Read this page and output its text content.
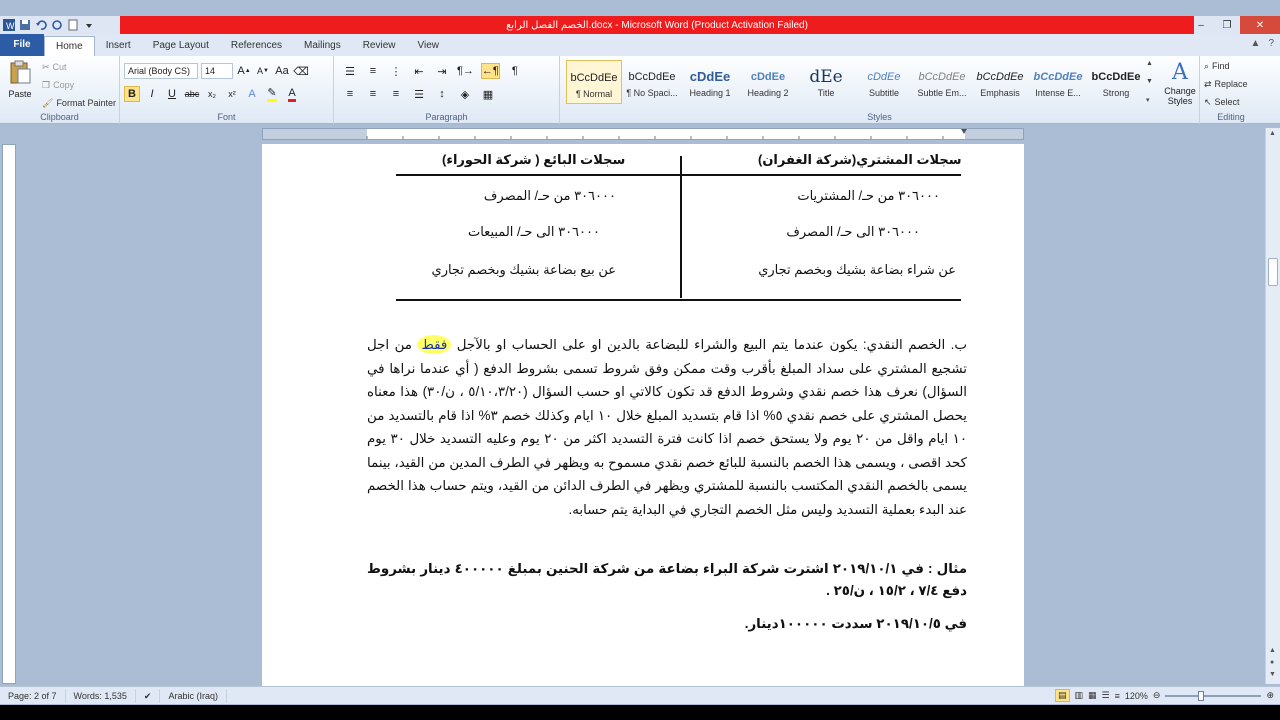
W	الخصم الفصل الرابع.docx - Microsoft Word (Product Activation Failed)	–	❐	✕
File	Home	Insert	Page Layout	References	Mailings	Review	View	▲ ?
Paste
✂ Cut
❐ Copy
🖌 Format Painter
Clipboard
Arial (Body CS)	14	A ▲ A ▼ Aa ⌫
B	I	U abc x₂	x²	A	✎ A
Font
☰	≡	⋮	⇤	⇥ ¶→ ←¶	¶
≡	≡	≡	☰	↕	◈	▦
Paragraph
bCcDdEe
¶ Normal
bCcDdEe
¶ No Spaci...
cDdEe
Heading 1
cDdEe
Heading 2
dEe
Title
cDdEe
Subtitle
bCcDdEe
Subtle Em...
bCcDdEe
Emphasis
bCcDdEe
Intense E...
bCcDdEe
Strong
▲
▼
▾
A
Change Styles
Styles
⌕ Find
⇄ Replace
↖ Select
Editing
سجلات البائع ( شركة الحوراء)	سجلات المشتري(شركة الغفران)
٣٠٦٠٠٠ من حـ/ المصرف
٣٠٦٠٠٠ الى حـ/ المبيعات
عن بيع بضاعة بشيك وبخصم تجاري
٣٠٦٠٠٠ من حـ/ المشتريات
٣٠٦٠٠٠ الى حـ/ المصرف
عن شراء بضاعة بشيك وبخصم تجاري

ب. الخصم النقدي: يكون عندما يتم البيع والشراء للبضاعة بالدين او على الحساب او بالآجل فقط من اجل تشجيع المشتري على سداد المبلغ بأقرب وقت ممكن وفق شروط تسمى بشروط الدفع ( أي عندما نراها في السؤال) نعرف هذا خصم نقدي وشروط الدفع قد تكون كالاتي او حسب السؤال (٥/١٠،٣/٢٠ ، ن/٣٠) هذا معناه يحصل المشتري على خصم نقدي ٥% اذا قام بتسديد المبلغ خلال ١٠ ايام وكذلك خصم ٣% اذا قام بالتسديد من ١٠ ايام واقل من ٢٠ يوم ولا يستحق خصم اذا كانت فترة التسديد اكثر من ٢٠ يوم وعليه التسديد خلال ٣٠ يوم كحد اقصى ، ويسمى هذا الخصم بالنسبة للبائع خصم نقدي مسموح به ويظهر في الطرف المدين من القيد، بينما يسمى بالخصم النقدي المكتسب بالنسبة للمشتري ويظهر في الطرف الدائن من القيد، ويتم حساب هذا الخصم عند البدء بعملية التسديد وليس مثل الخصم التجاري في البداية يتم حسابه.

مثال : في ٢٠١٩/١٠/١ اشترت شركة البراء بضاعة من شركة الحنين بمبلغ ٤٠٠٠٠٠ دينار بشروط دفع ٧/٤ ، ١٥/٢ ، ن/٢٥ .
في ٢٠١٩/١٠/٥ سددت ١٠٠٠٠٠دينار.
▲
▲
●
▼
Page: 2 of 7	Words: 1,535	✔	Arabic (Iraq)	▤ ▥ ▦ ☰ ≡ 120% ⊖	⊕
